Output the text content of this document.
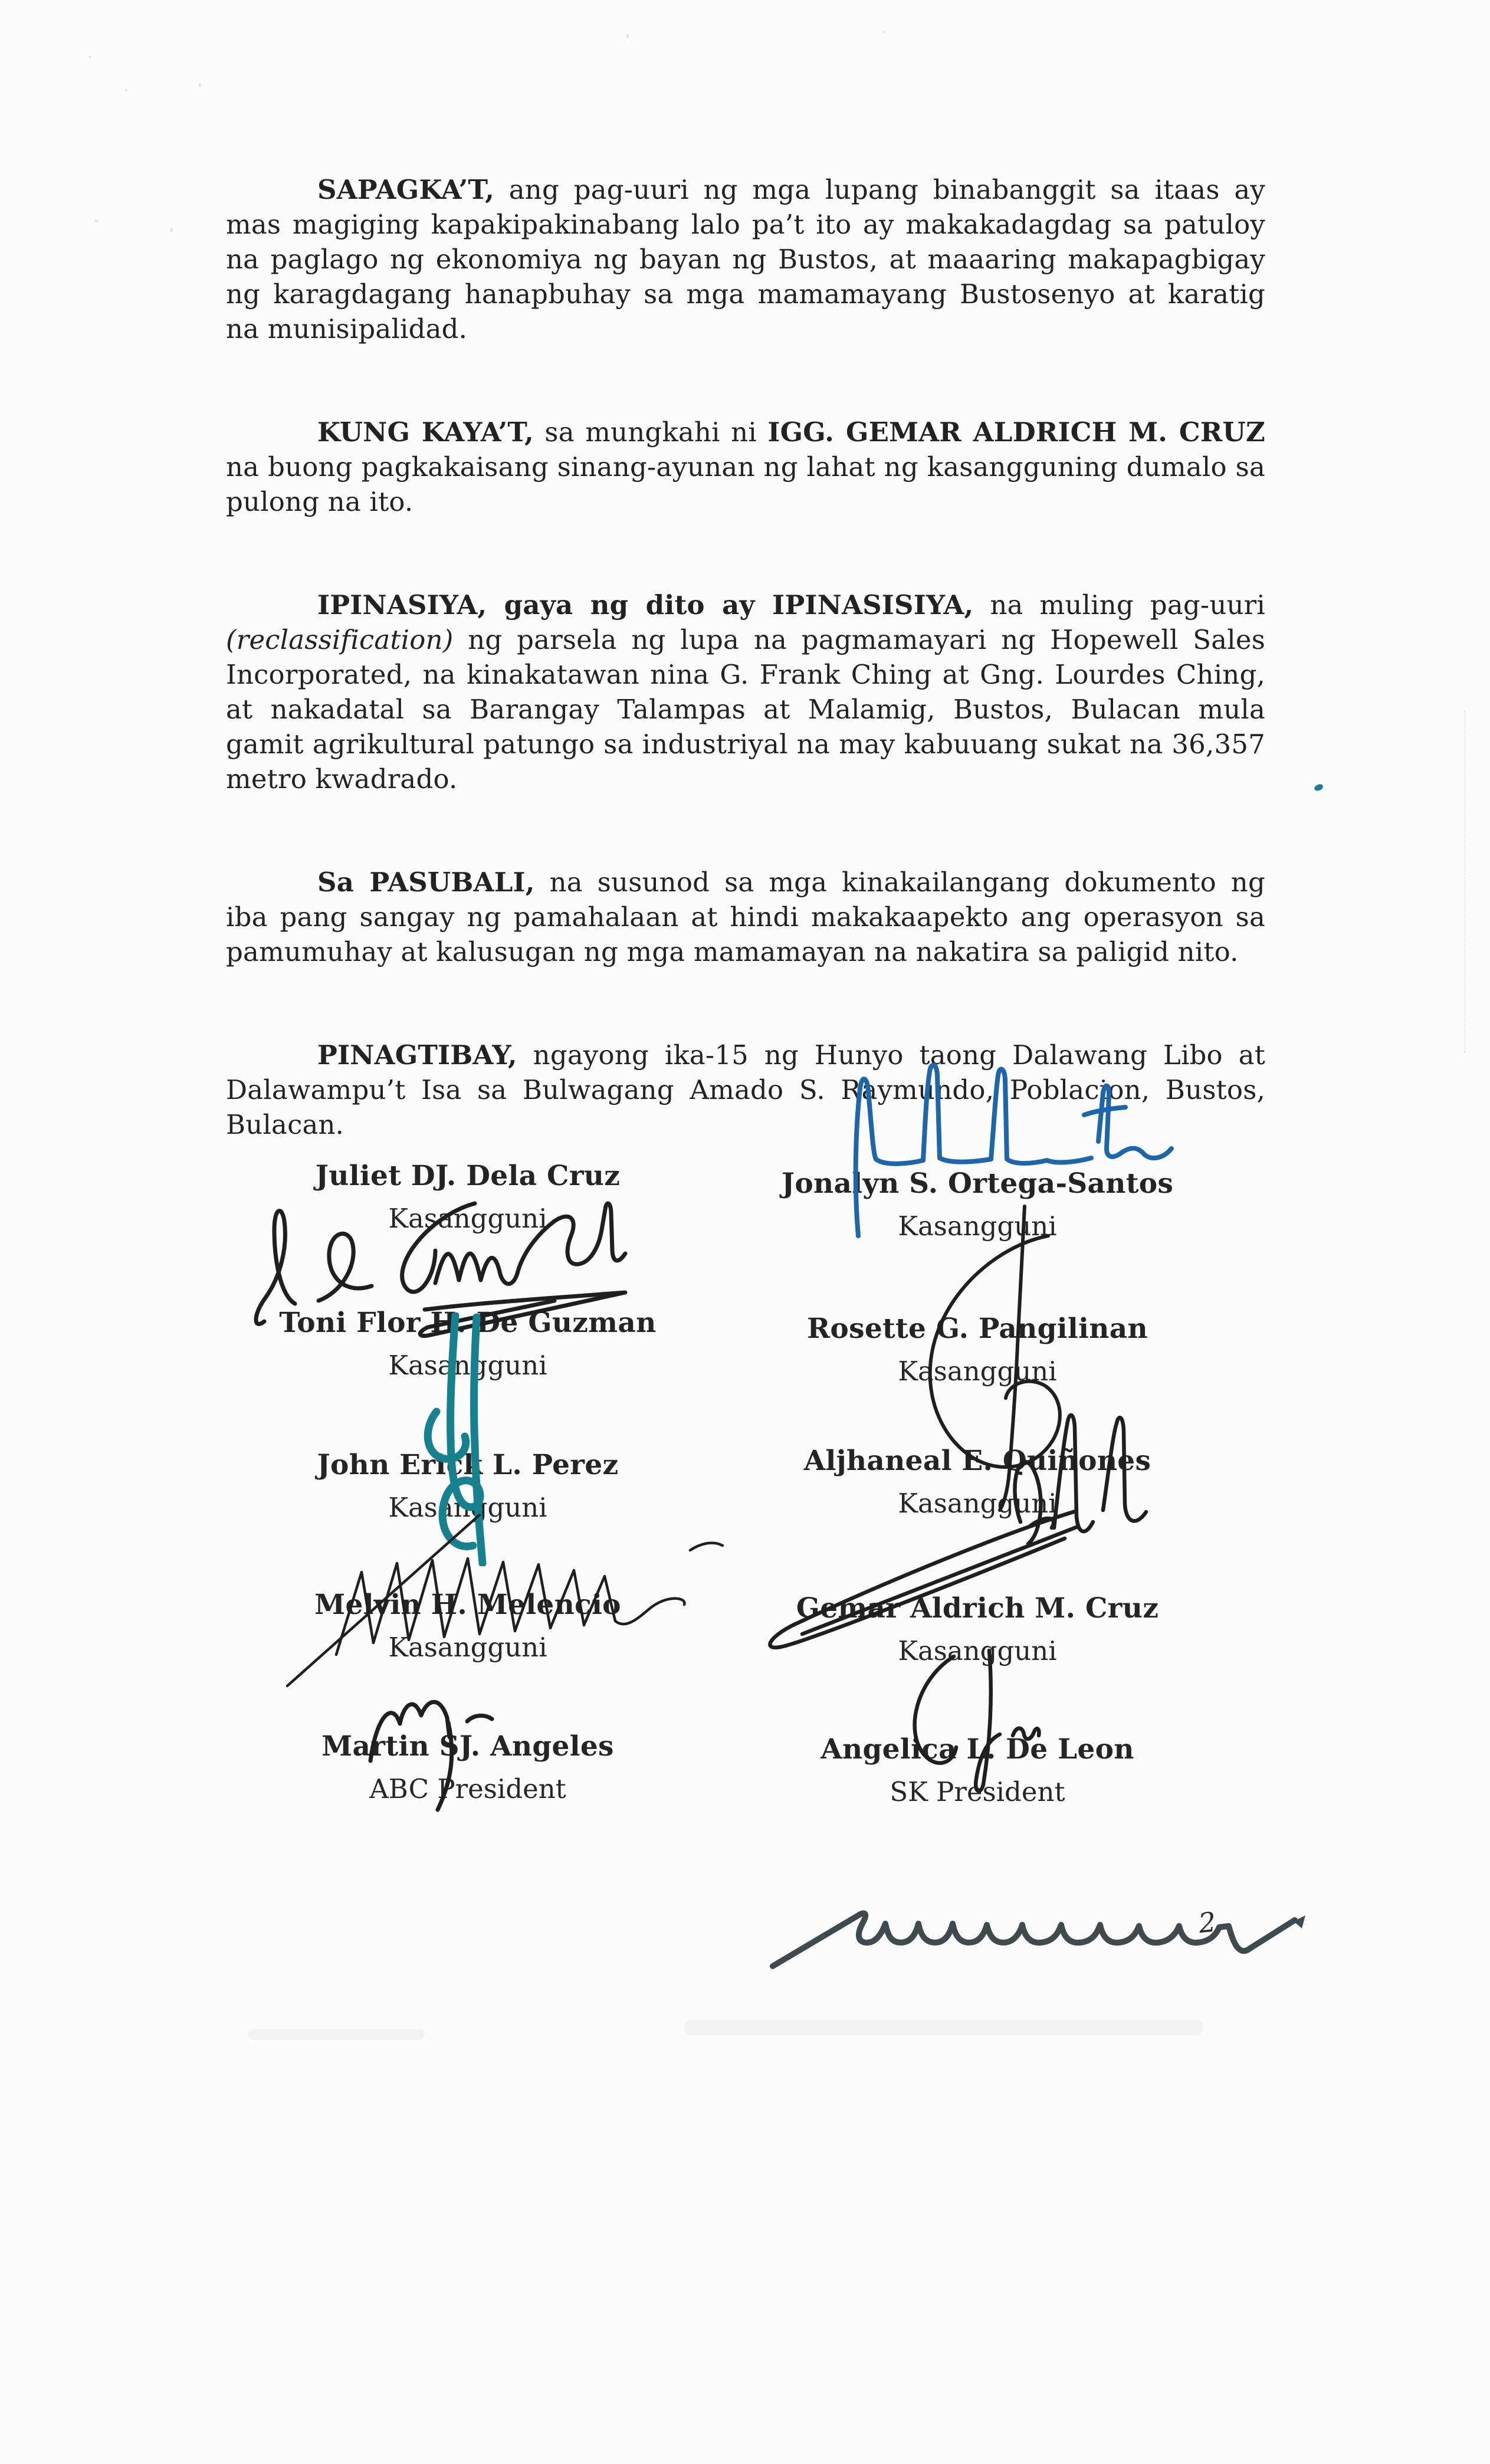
SAPAGKA’T, ang pag-uuri ng mga lupang binabanggit sa itaas ay mas magiging kapakipakinabang lalo pa’t ito ay makakadagdag sa patuloy na paglago ng ekonomiya ng bayan ng Bustos, at maaaring makapagbigay ng karagdagang hanapbuhay sa mga mamamayang Bustosenyo at karatig na munisipalidad.

KUNG KAYA’T, sa mungkahi ni IGG. GEMAR ALDRICH M. CRUZ na buong pagkakaisang sinang-ayunan ng lahat ng kasangguning dumalo sa pulong na ito.

IPINASIYA, gaya ng dito ay IPINASISIYA, na muling pag-uuri (reclassification) ng parsela ng lupa na pagmamayari ng Hopewell Sales Incorporated, na kinakatawan nina G. Frank Ching at Gng. Lourdes Ching, at nakadatal sa Barangay Talampas at Malamig, Bustos, Bulacan mula gamit agrikultural patungo sa industriyal na may kabuuang sukat na 36,357 metro kwadrado.

Sa PASUBALI, na susunod sa mga kinakailangang dokumento ng iba pang sangay ng pamahalaan at hindi makakaapekto ang operasyon sa pamumuhay at kalusugan ng mga mamamayan na nakatira sa paligid nito.

PINAGTIBAY, ngayong ika-15 ng Hunyo taong Dalawang Libo at Dalawampu’t Isa sa Bulwagang Amado S. Raymundo, Poblacion, Bustos, Bulacan.

Juliet DJ. Dela Cruz
Kasangguni
Toni Flor H. De Guzman
Kasangguni
John Erick L. Perez
Kasangguni
Melvin H. Melencio
Kasangguni
Martin SJ. Angeles
ABC President
Jonalyn S. Ortega-Santos
Kasangguni
Rosette G. Pangilinan
Kasangguni
Aljhaneal E. Quiñones
Kasangguni
Gemar Aldrich M. Cruz
Kasangguni
Angelica L. De Leon
SK President
2
